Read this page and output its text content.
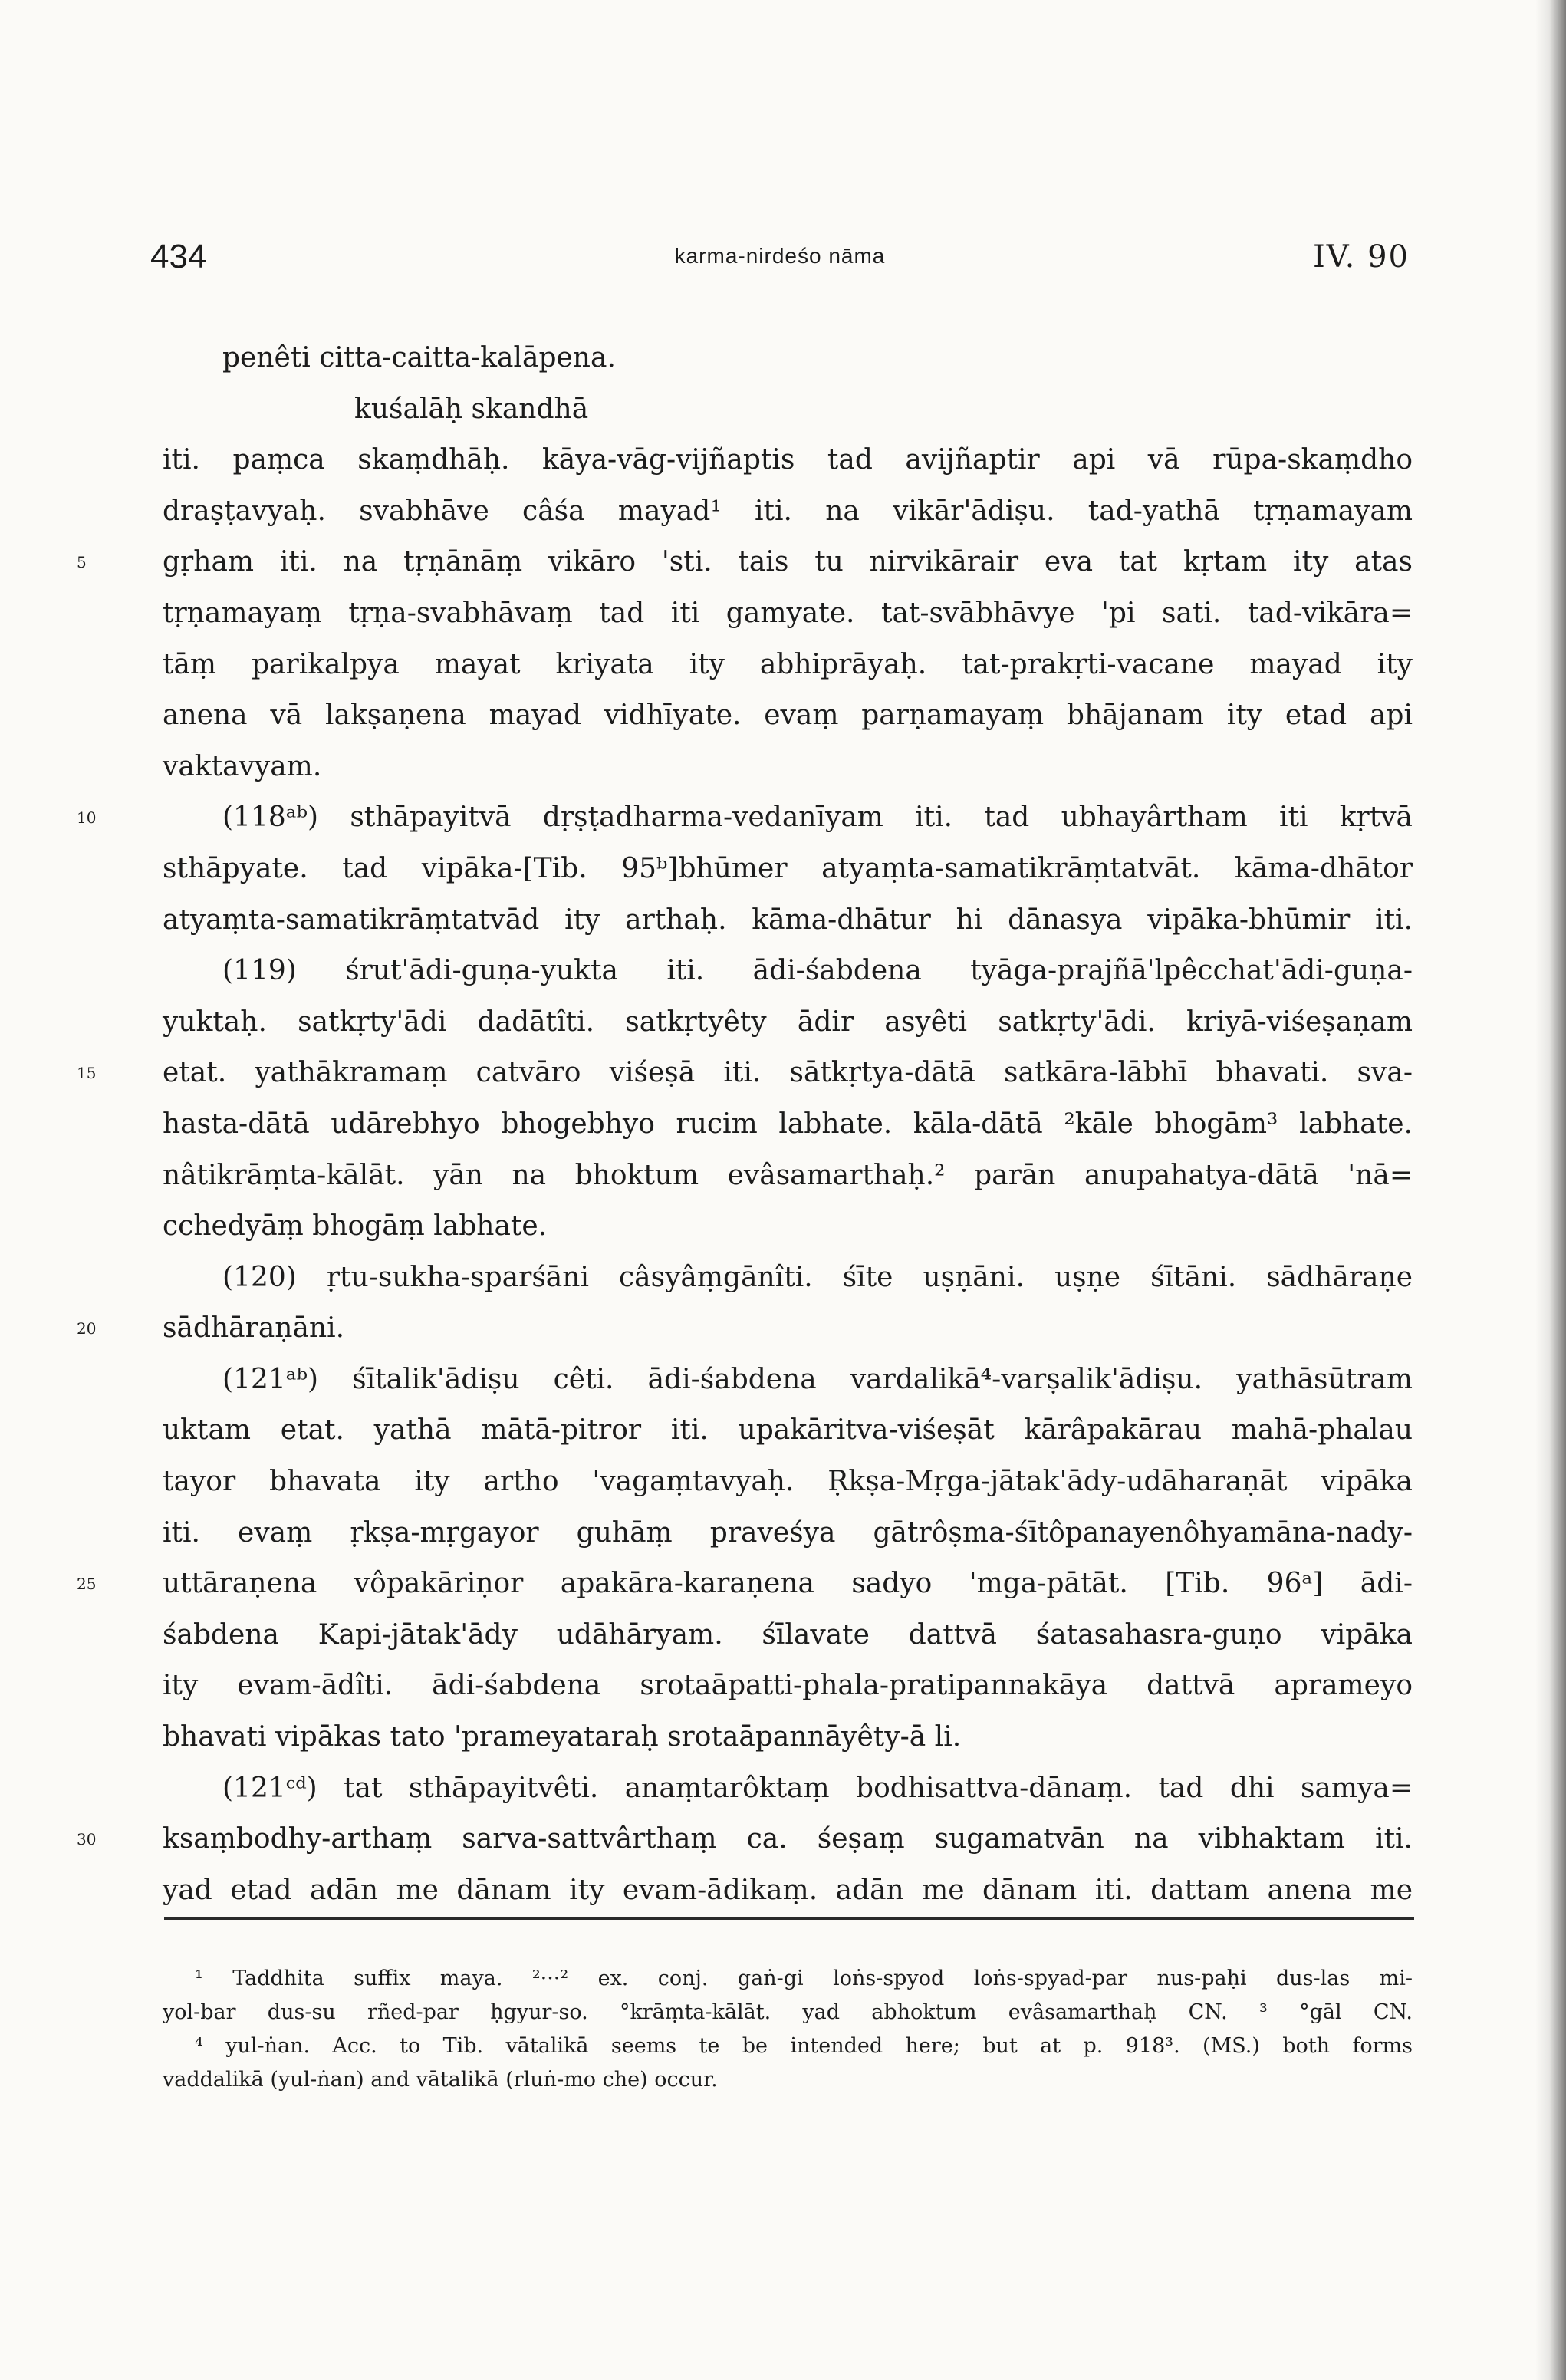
434	karma-nirdeśo nāma	IV. 90
penêti citta-caitta-kalāpena.
kuśalāḥ skandhā
iti. paṃca skaṃdhāḥ. kāya-vāg-vijñaptis tad avijñaptir api vā rūpa-skaṃdho
draṣṭavyaḥ. svabhāve câśa mayad¹ iti. na vikār'ādiṣu. tad-yathā tṛṇamayam
5	gṛham iti. na tṛṇānāṃ vikāro 'sti. tais tu nirvikārair eva tat kṛtam ity atas
tṛṇamayaṃ tṛṇa-svabhāvaṃ tad iti gamyate. tat-svābhāvye 'pi sati. tad-vikāra=
tāṃ parikalpya mayat kriyata ity abhiprāyaḥ. tat-prakṛti-vacane mayad ity
anena vā lakṣaṇena mayad vidhīyate. evaṃ parṇamayaṃ bhājanam ity etad api
vaktavyam.
10	(118ᵃᵇ) sthāpayitvā dṛṣṭadharma-vedanīyam iti. tad ubhayârtham iti kṛtvā
sthāpyate. tad vipāka-[Tib. 95ᵇ]bhūmer atyaṃta-samatikrāṃtatvāt. kāma-dhātor
atyaṃta-samatikrāṃtatvād ity arthaḥ. kāma-dhātur hi dānasya vipāka-bhūmir iti.
(119) śrut'ādi-guṇa-yukta iti. ādi-śabdena tyāga-prajñā'lpêcchat'ādi-guṇa-
yuktaḥ. satkṛty'ādi dadātîti. satkṛtyêty ādir asyêti satkṛty'ādi. kriyā-viśeṣaṇam
15	etat. yathākramaṃ catvāro viśeṣā iti. sātkṛtya-dātā satkāra-lābhī bhavati. sva-
hasta-dātā udārebhyo bhogebhyo rucim labhate. kāla-dātā ²kāle bhogām³ labhate.
nâtikrāṃta-kālāt. yān na bhoktum evâsamarthaḥ.² parān anupahatya-dātā 'nā=
cchedyāṃ bhogāṃ labhate.
(120) ṛtu-sukha-sparśāni câsyâṃgānîti. śīte uṣṇāni. uṣṇe śītāni. sādhāraṇe
20	sādhāraṇāni.
(121ᵃᵇ) śītalik'ādiṣu cêti. ādi-śabdena vardalikā⁴-varṣalik'ādiṣu. yathāsūtram
uktam etat. yathā mātā-pitror iti. upakāritva-viśeṣāt kārâpakārau mahā-phalau
tayor bhavata ity artho 'vagaṃtavyaḥ. Ṛkṣa-Mṛga-jātak'ādy-udāharaṇāt vipāka
iti. evaṃ ṛkṣa-mṛgayor guhāṃ praveśya gātrôṣma-śītôpanayenôhyamāna-nady-
25	uttāraṇena vôpakāriṇor apakāra-karaṇena sadyo 'mga-pātāt. [Tib. 96ᵃ] ādi-
śabdena Kapi-jātak'ādy udāhāryam. śīlavate dattvā śatasahasra-guṇo vipāka
ity evam-ādîti. ādi-śabdena srotaāpatti-phala-pratipannakāya dattvā aprameyo
bhavati vipākas tato 'prameyataraḥ srotaāpannāyêty-ā li.
(121ᶜᵈ) tat sthāpayitvêti. anaṃtarôktaṃ bodhisattva-dānaṃ. tad dhi samya=
30	ksaṃbodhy-arthaṃ sarva-sattvârthaṃ ca. śeṣaṃ sugamatvān na vibhaktam iti.
yad etad adān me dānam ity evam-ādikaṃ. adān me dānam iti. dattam anena me
¹ Taddhita suffix maya. ²···² ex. conj. gaṅ-gi loṅs-spyod loṅs-spyad-par nus-paḥi dus-las mi-
yol-bar dus-su rñed-par ḥgyur-so. °krāṃta-kālāt. yad abhoktum evâsamarthaḥ CN. ³ °gāl CN.
⁴ yul-ṅan. Acc. to Tib. vātalikā seems te be intended here; but at p. 918³. (MS.) both forms
vaddalikā (yul-ṅan) and vātalikā (rluṅ-mo che) occur.
